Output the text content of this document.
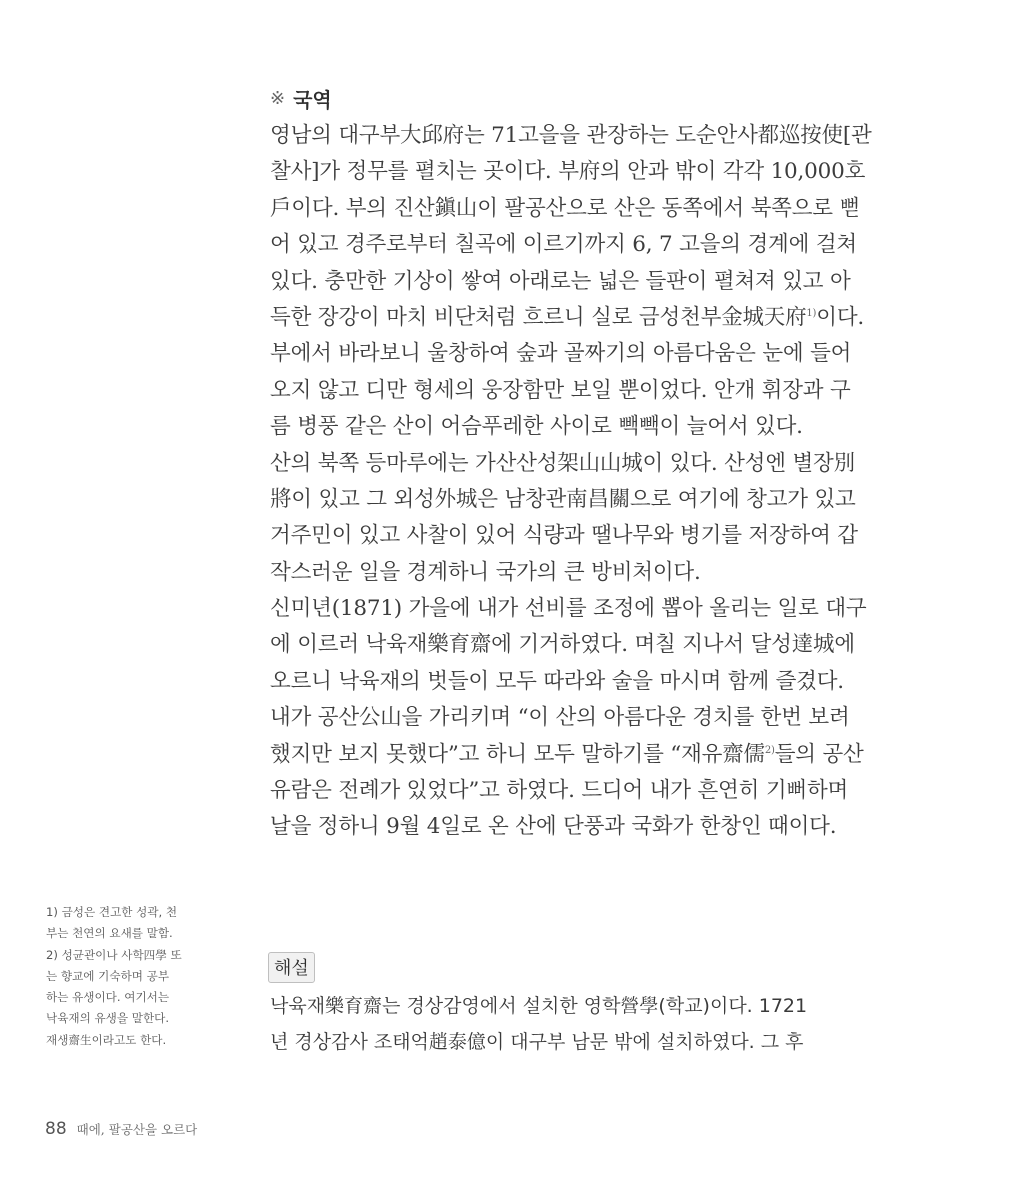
※ 국역
영남의 대구부大邱府는 71고을을 관장하는 도순안사都巡按使[관
찰사]가 정무를 펼치는 곳이다. 부府의 안과 밖이 각각 10,000호
戶이다. 부의 진산鎭山이 팔공산으로 산은 동쪽에서 북쪽으로 뻗
어 있고 경주로부터 칠곡에 이르기까지 6, 7 고을의 경계에 걸쳐
있다. 충만한 기상이 쌓여 아래로는 넓은 들판이 펼쳐져 있고 아
득한 장강이 마치 비단처럼 흐르니 실로 금성천부金城天府$^{1)}$이다.
부에서 바라보니 울창하여 숲과 골짜기의 아름다움은 눈에 들어
오지 않고 디만 형세의 웅장함만 보일 뿐이었다. 안개 휘장과 구
름 병풍 같은 산이 어슴푸레한 사이로 빽빽이 늘어서 있다.
산의 북쪽 등마루에는 가산산성架山山城이 있다. 산성엔 별장別
將이 있고 그 외성外城은 남창관南昌關으로 여기에 창고가 있고
거주민이 있고 사찰이 있어 식량과 땔나무와 병기를 저장하여 갑
작스러운 일을 경계하니 국가의 큰 방비처이다.
신미년(1871) 가을에 내가 선비를 조정에 뽑아 올리는 일로 대구
에 이르러 낙육재樂育齋에 기거하였다. 며칠 지나서 달성達城에
오르니 낙육재의 벗들이 모두 따라와 술을 마시며 함께 즐겼다.
내가 공산公山을 가리키며 “이 산의 아름다운 경치를 한번 보려
했지만 보지 못했다”고 하니 모두 말하기를 “재유齋儒$^{2)}$들의 공산
유람은 전례가 있었다”고 하였다. 드디어 내가 흔연히 기뻐하며
날을 정하니 9월 4일로 온 산에 단풍과 국화가 한창인 때이다.
해설
낙육재樂育齋는 경상감영에서 설치한 영학營學(학교)이다. 1721
년 경상감사 조태억趙泰億이 대구부 남문 밖에 설치하였다. 그 후
1) 금성은 견고한 성곽, 천
부는 천연의 요새를 말함.
2) 성균관이나 사학四學 또
는 향교에 기숙하며 공부
하는 유생이다. 여기서는
낙육재의 유생을 말한다.
재생齋生이라고도 한다.
88 때에, 팔공산을 오르다
